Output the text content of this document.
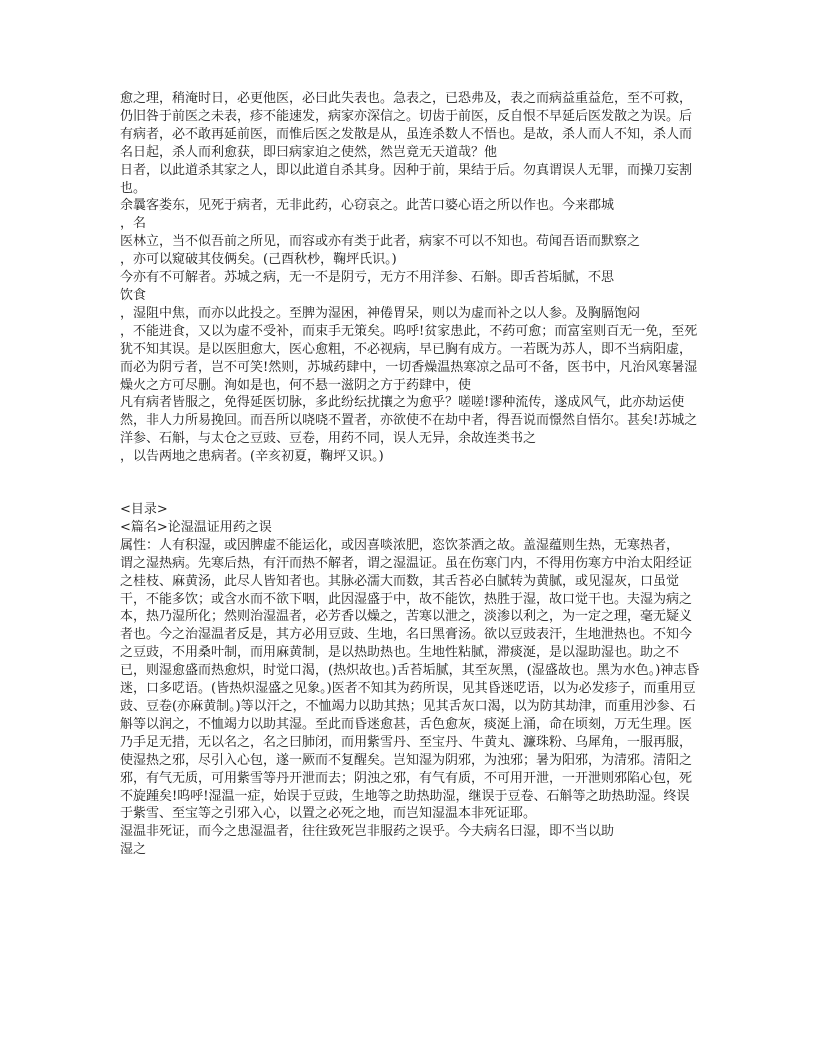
愈之理，稍淹时日，必更他医，必曰此失表也。急表之，已恐弗及，表之而病益重益危，至不可救，仍旧咎于前医之未表，疹不能速发，病家亦深信之。切齿于前医，反自恨不早延后医发散之为误。后有病者，必不敢再延前医，而惟后医之发散是从，虽连杀数人不悟也。是故，杀人而人不知，杀人而名日起，杀人而利愈获，即曰病家迫之使然，然岂竟无天道哉？他
日者，以此道杀其家之人，即以此道自杀其身。因种于前，果结于后。勿真谓误人无罪，而操刀妄割也。

余曩客娄东，见死于病者，无非此药，心窃哀之。此苦口婆心语之所以作也。今来郡城
，名
医林立，当不似吾前之所见，而容或亦有类于此者，病家不可以不知也。苟闻吾语而默察之
，亦可以窥破其伎俩矣。(己酉秋杪，鞠坪氏识。)

今亦有不可解者。苏城之病，无一不是阴亏，无方不用洋参、石斛。即舌苔垢腻，不思
饮食
，湿阻中焦，而亦以此投之。至脾为湿困，神倦胃呆，则以为虚而补之以人参。及胸膈饱闷
，不能进食，又以为虚不受补，而束手无策矣。呜呼!贫家患此，不药可愈；而富室则百无一免，至死犹不知其误。是以医胆愈大，医心愈粗，不必视病，早已胸有成方。一若既为苏人，即不当病阳虚，而必为阴亏者，岂不可笑!然则，苏城药肆中，一切香燥温热寒凉之品可不备，医书中，凡治风寒暑湿燥火之方可尽删。洵如是也，何不悬一滋阴之方于药肆中，使
凡有病者皆服之，免得延医切脉，多此纷纭扰攘之为愈乎？嗟嗟!谬种流传，遂成风气，此亦劫运使然，非人力所易挽回。而吾所以哓哓不置者，亦欲使不在劫中者，得吾说而憬然自悟尔。甚矣!苏城之洋参、石斛，与太仓之豆豉、豆卷，用药不同，误人无异，余故连类书之
，以告两地之患病者。(辛亥初夏，鞠坪又识。)

<目录>

<篇名>论湿温证用药之误

属性：人有积湿，或因脾虚不能运化，或因喜啖浓肥，恣饮茶酒之故。盖湿蕴则生热，无寒热者，
谓之湿热病。先寒后热，有汗而热不解者，谓之湿温证。虽在伤寒门内，不得用伤寒方中治太阳经证之桂枝、麻黄汤，此尽人皆知者也。其脉必濡大而数，其舌苔必白腻转为黄腻，或见湿灰，口虽觉干，不能多饮；或含水而不欲下咽，此因湿盛于中，故不能饮，热胜于湿，故口觉干也。夫湿为病之本，热乃湿所化；然则治湿温者，必芳香以燥之，苦寒以泄之，淡渗以利之，为一定之理，毫无疑义者也。今之治湿温者反是，其方必用豆豉、生地，名曰黑膏汤。欲以豆豉表汗，生地泄热也。不知今之豆豉，不用桑叶制，而用麻黄制，是以热助热也。生地性粘腻，滞痰涎，是以湿助湿也。助之不已，则湿愈盛而热愈炽，时觉口渴，(热炽故也。)舌苔垢腻，其至灰黑，(湿盛故也。黑为水色。)神志昏迷，口多呓语。(皆热炽湿盛之见象。)医者不知其为药所误，见其昏迷呓语，以为必发疹子，而重用豆豉、豆卷(亦麻黄制。)等以汗之，不恤竭力以助其热；见其舌灰口渴，以为防其劫津，而重用沙参、石斛等以润之，不恤竭力以助其湿。至此而昏迷愈甚，舌色愈灰，痰涎上涌，命在顷刻，万无生理。医乃手足无措，无以名之，名之曰肺闭，而用紫雪丹、至宝丹、牛黄丸、濂珠粉、乌犀角，一服再服，使湿热之邪，尽引入心包，遂一厥而不复醒矣。岂知湿为阴邪，为浊邪；暑为阳邪，为清邪。清阳之邪，有气无质，可用紫雪等丹开泄而去；阴浊之邪，有气有质，不可用开泄，一开泄则邪陷心包，死不旋踵矣!呜呼!湿温一症，始误于豆豉，生地等之助热助湿，继误于豆卷、石斛等之助热助湿。终误于紫雪、至宝等之引邪入心，以置之必死之地，而岂知湿温本非死证耶。

湿温非死证，而今之患湿温者，往往致死岂非服药之误乎。今夫病名曰湿，即不当以助
湿之
